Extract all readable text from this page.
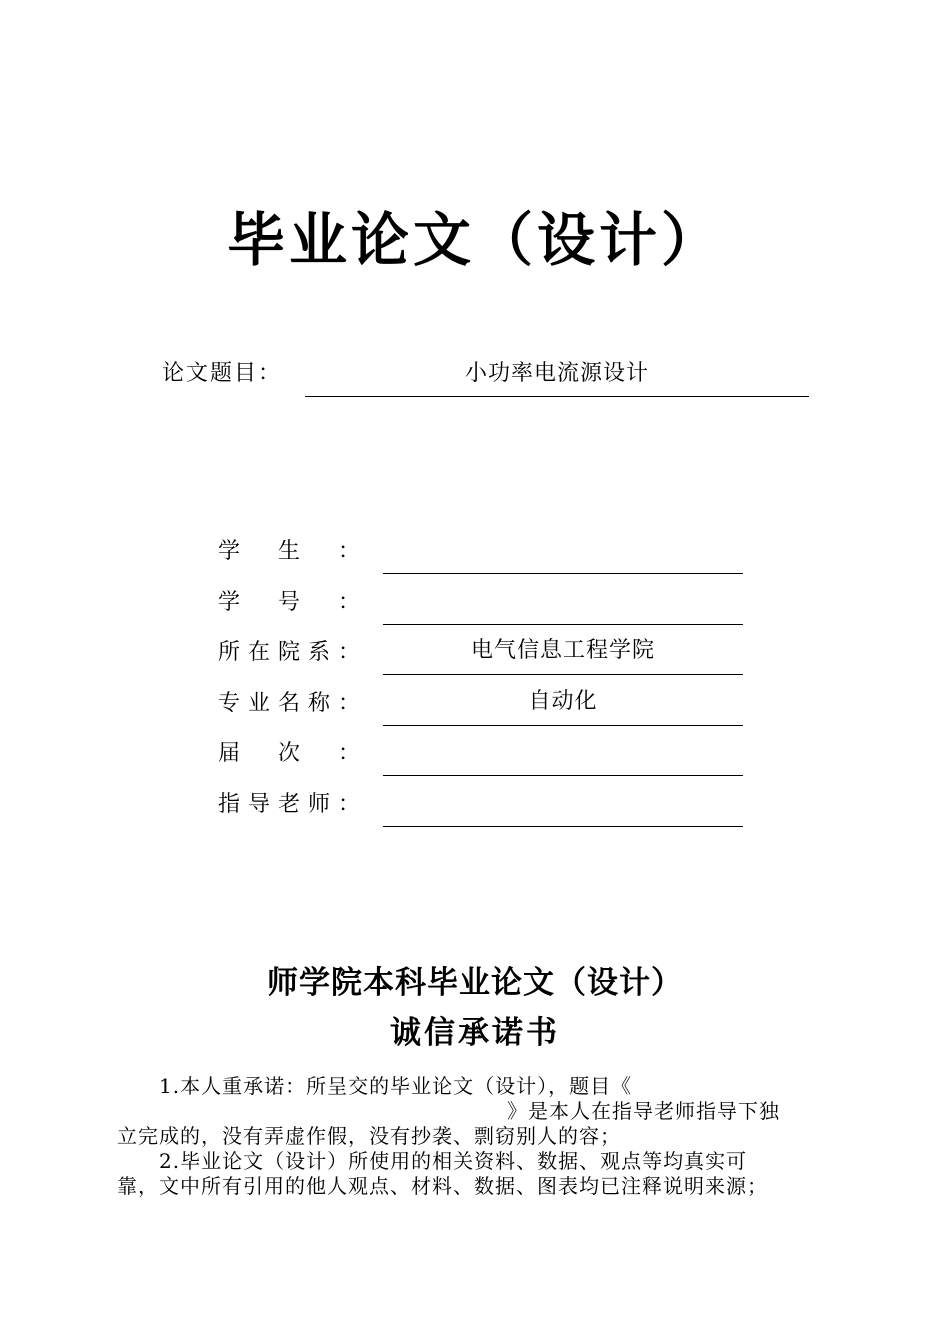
毕业论文（设计）
论文题目：	小功率电流源设计
学生：
学号：
所在院系：	电气信息工程学院
专业名称：	自动化
届次：
指导老师：
师学院本科毕业论文（设计）
诚信承诺书
1.本人重承诺：所呈交的毕业论文（设计），题目《
》是本人在指导老师指导下独
立完成的，没有弄虚作假，没有抄袭、剽窃别人的容；
2.毕业论文（设计）所使用的相关资料、数据、观点等均真实可
靠，文中所有引用的他人观点、材料、数据、图表均已注释说明来源；
